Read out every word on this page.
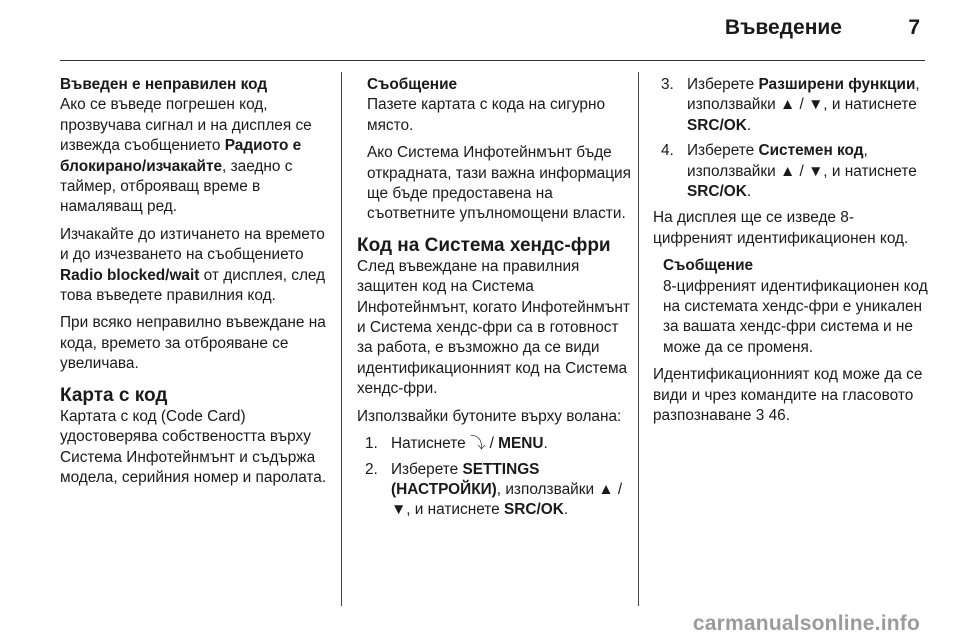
Въведение	7

Въведен е неправилен код
Ако се въведе погрешен код, прозвучава сигнал и на дисплея се извежда съобщението Радиото е блокирано/изчакайте, заедно с таймер, отброяващ време в намаляващ ред.

Изчакайте до изтичането на времето и до изчезването на съобщението Radio blocked/wait от дисплея, след това въведете правилния код.

При всяко неправилно въвеждане на кода, времето за отброяване се увеличава.

Карта с код

Картата с код (Code Card) удостоверява собствеността върху Система Инфотейнмънт и съдържа модела, серийния номер и паролата.

Съобщение

Пазете картата с кода на сигурно място.

Ако Система Инфотейнмънт бъде открадната, тази важна информация ще бъде предоставена на съответните упълномощени власти.

Код на Система хендс-фри

След въвеждане на правилния защитен код на Система Инфотейнмънт, когато Инфотейнмънт и Система хендс-фри са в готовност за работа, е възможно да се види идентификационният код на Система хендс-фри.

Използвайки бутоните върху волана:

1. Натиснете ⤵ / MENU.
2. Изберете SETTINGS (НАСТРОЙКИ), използвайки ▲ / ▼, и натиснете SRC/OK.
3. Изберете Разширени функции, използвайки ▲ / ▼, и натиснете SRC/OK.
4. Изберете Системен код, използвайки ▲ / ▼, и натиснете SRC/OK.

На дисплея ще се изведе 8-цифреният идентификационен код.

Съобщение

8-цифреният идентификационен код на системата хендс-фри е уникален за вашата хендс-фри система и не може да се променя.

Идентификационният код може да се види и чрез командите на гласовото разпознаване 3 46.

carmanualsonline.info
